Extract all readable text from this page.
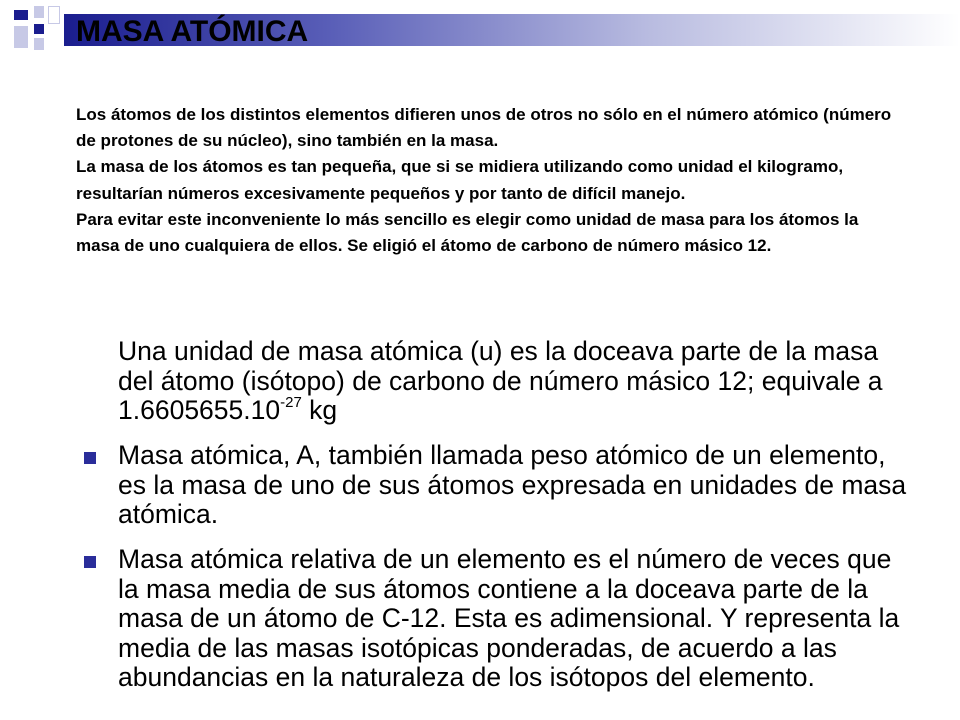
MASA ATÓMICA

Los átomos de los distintos elementos difieren unos de otros no sólo en el número atómico (número de protones de su núcleo), sino también en la masa.

La masa de los átomos es tan pequeña, que si se midiera utilizando como unidad el kilogramo, resultarían números excesivamente pequeños y por tanto de difícil manejo.

Para evitar este inconveniente lo más sencillo es elegir como unidad de masa para los átomos la masa de uno cualquiera de ellos. Se eligió el átomo de carbono de número másico 12.

Una unidad de masa atómica (u) es la doceava parte de la masa del átomo (isótopo) de carbono de número másico 12; equivale a $1.6605655.10^{-27}$ kg
Masa atómica, A, también llamada peso atómico de un elemento, es la masa de uno de sus átomos expresada en unidades de masa atómica.
Masa atómica relativa de un elemento es el número de veces que la masa media de sus átomos contiene a la doceava parte de la masa de un átomo de C-12. Esta es adimensional. Y representa la media de las masas isotópicas ponderadas, de acuerdo a las abundancias en la naturaleza de los isótopos del elemento.
